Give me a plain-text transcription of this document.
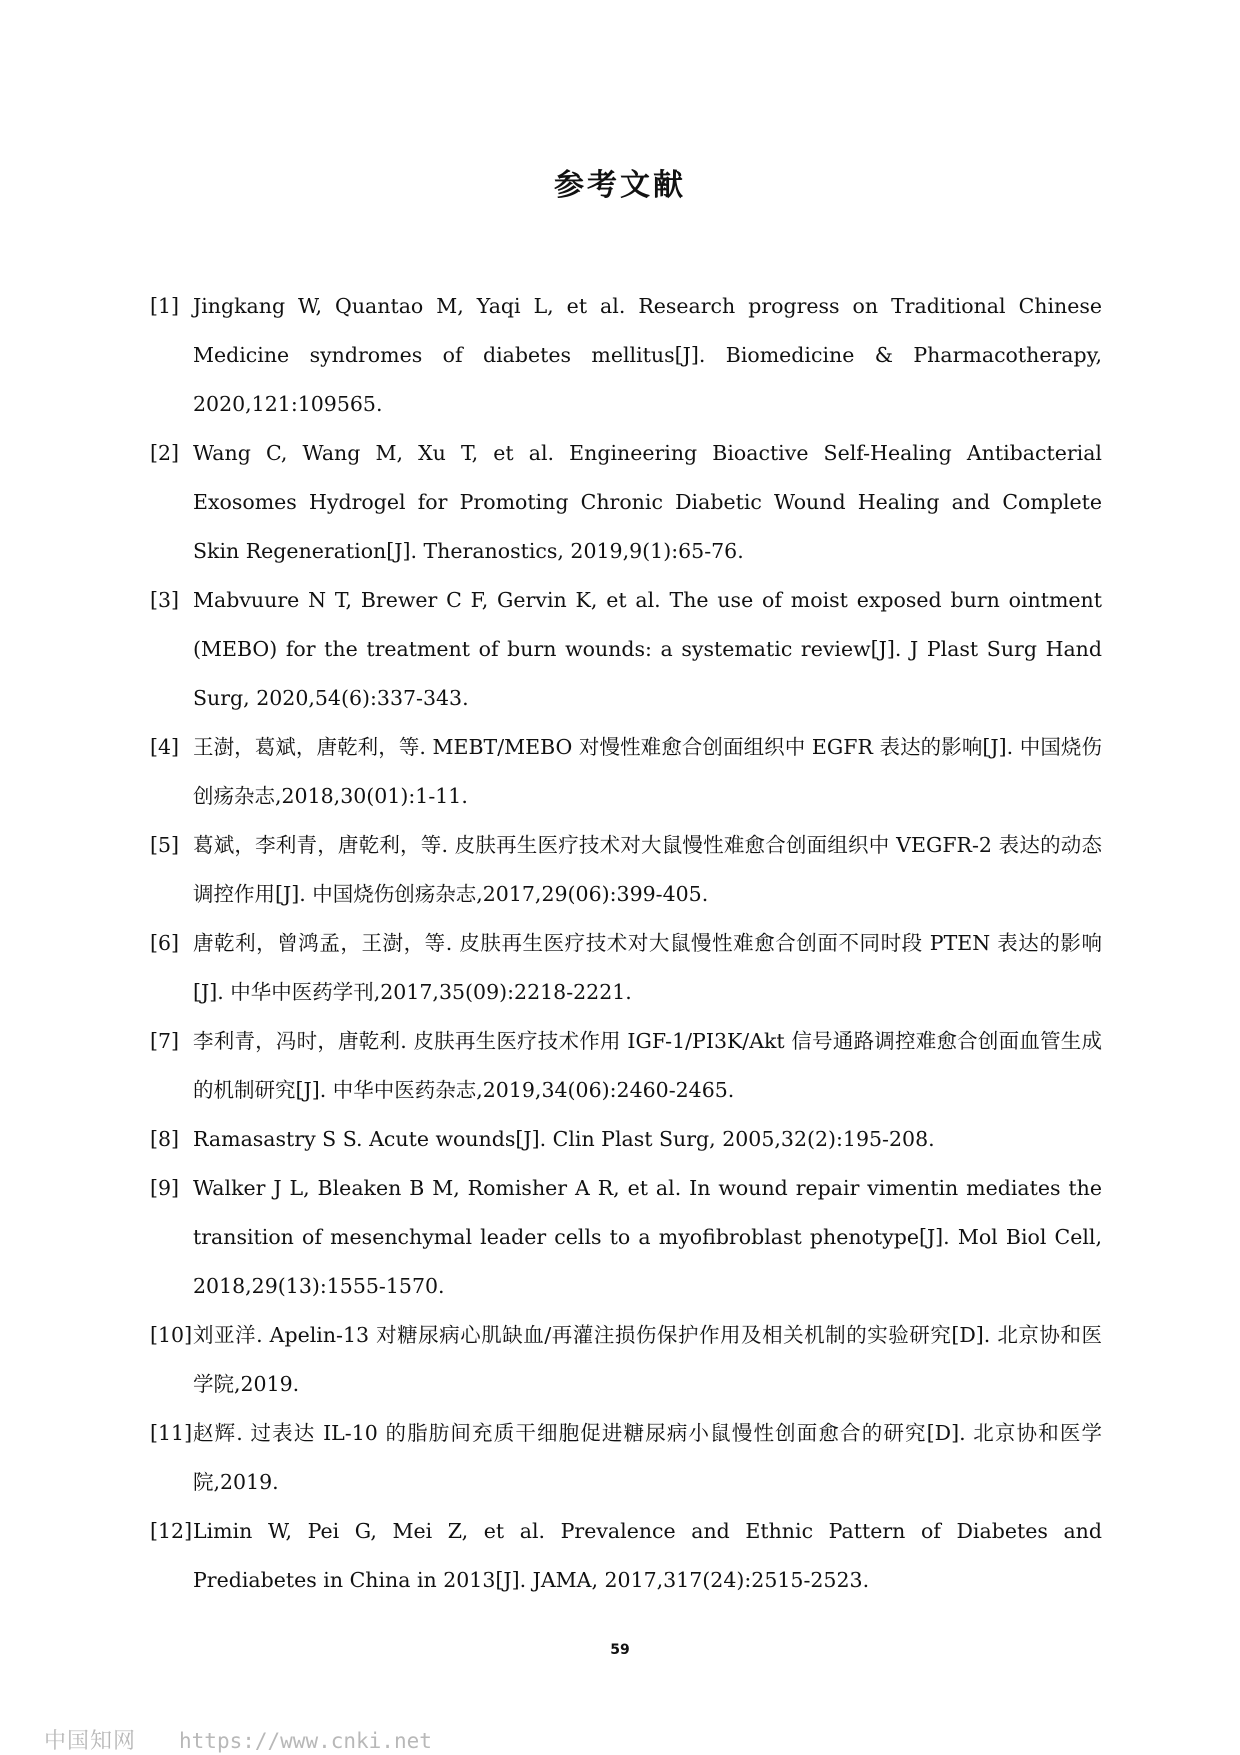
参考文献
[1] Jingkang W, Quantao M, Yaqi L, et al. Research progress on Traditional Chinese Medicine syndromes of diabetes mellitus[J]. Biomedicine & Pharmacotherapy, 2020,121:109565.
[2] Wang C, Wang M, Xu T, et al. Engineering Bioactive Self-Healing Antibacterial Exosomes Hydrogel for Promoting Chronic Diabetic Wound Healing and Complete Skin Regeneration[J]. Theranostics, 2019,9(1):65-76.
[3] Mabvuure N T, Brewer C F, Gervin K, et al. The use of moist exposed burn ointment (MEBO) for the treatment of burn wounds: a systematic review[J]. J Plast Surg Hand Surg, 2020,54(6):337-343.
[4] 王澍，葛斌，唐乾利，等. MEBT/MEBO 对慢性难愈合创面组织中 EGFR 表达的影响[J]. 中国烧伤创疡杂志,2018,30(01):1-11.
[5] 葛斌，李利青，唐乾利，等. 皮肤再生医疗技术对大鼠慢性难愈合创面组织中 VEGFR-2 表达的动态调控作用[J]. 中国烧伤创疡杂志,2017,29(06):399-405.
[6] 唐乾利，曾鸿孟，王澍，等. 皮肤再生医疗技术对大鼠慢性难愈合创面不同时段 PTEN 表达的影响[J]. 中华中医药学刊,2017,35(09):2218-2221.
[7] 李利青，冯时，唐乾利. 皮肤再生医疗技术作用 IGF-1/PI3K/Akt 信号通路调控难愈合创面血管生成的机制研究[J]. 中华中医药杂志,2019,34(06):2460-2465.
[8] Ramasastry S S. Acute wounds[J]. Clin Plast Surg, 2005,32(2):195-208.
[9] Walker J L, Bleaken B M, Romisher A R, et al. In wound repair vimentin mediates the transition of mesenchymal leader cells to a myofibroblast phenotype[J]. Mol Biol Cell, 2018,29(13):1555-1570.
[10] 刘亚洋. Apelin-13 对糖尿病心肌缺血/再灌注损伤保护作用及相关机制的实验研究[D]. 北京协和医学院,2019.
[11] 赵辉. 过表达 IL-10 的脂肪间充质干细胞促进糖尿病小鼠慢性创面愈合的研究[D]. 北京协和医学院,2019.
[12] Limin W, Pei G, Mei Z, et al. Prevalence and Ethnic Pattern of Diabetes and Prediabetes in China in 2013[J]. JAMA, 2017,317(24):2515-2523.
59
中国知网 https://www.cnki.net
